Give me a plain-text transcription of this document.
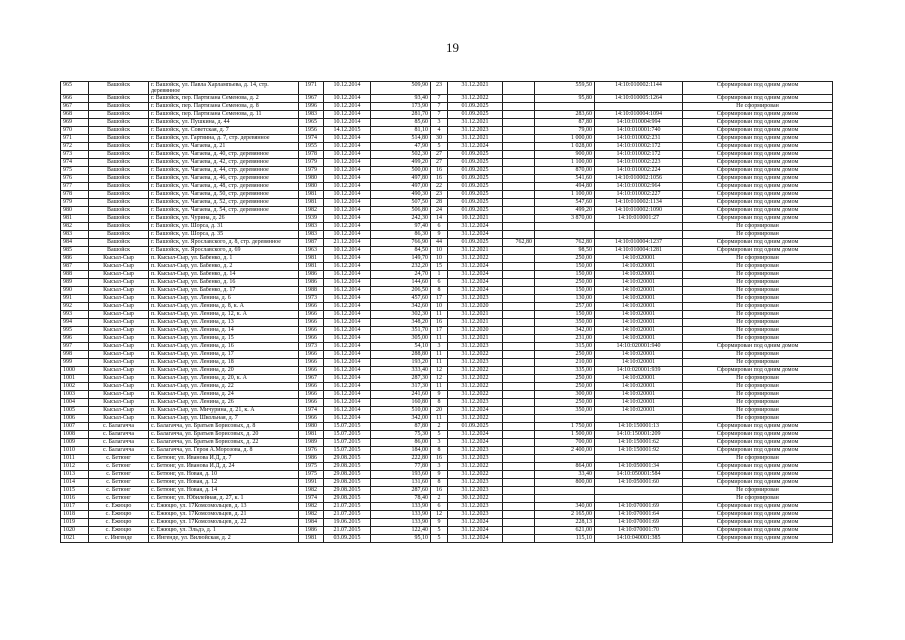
19
965	Вашойск	г. Вашойск, ул. Павла Харлампьева, д. 14, стр. деревянное	1971	10.12.2014	509,90	23	31.12.2021		559,50	14:10:010002:1144	Сформирован под одним домом
966	Вашойск	г. Вашойск, пер. Партизана Семенова, д. 2	1967	10.12.2014	93,40	7	31.12.2022		95,80	14:10:010005:1264	Сформирован под одним домом
967	Вашойск	г. Вашойск, пер. Партизана Семенова, д. 8	1996	10.12.2014	173,90	7	01.09.2025				Не сформирован
968	Вашойск	г. Вашойск, пер. Партизана Семенова, д. 11	1983	10.12.2014	281,70	7	01.09.2025		283,60	14:10:010004:1094	Сформирован под одним домом
969	Вашойск	г. Вашойск, ул. Пушкина, д. 44	1965	10.12.2014	85,60	3	31.12.2021		87,80	14:10:010004:994	Сформирован под одним домом
970	Вашойск	г. Вашойск, ул. Советская, д. 7	1956	14.12.2015	81,10	4	31.12.2023		79,00	14:10:010001:740	Сформирован под одним домом
971	Вашойск	г. Вашойск, ул. Гартвина, д. 7, стр. деревянное	1974	10.12.2014	514,80	30	31.12.2021		1 000,00	14:10:010002:231	Сформирован под одним домом
972	Вашойск	г. Вашойск, ул. Чагаева, д. 21	1955	10.12.2014	47,90	5	31.12.2024		1 028,00	14:10:010002:172	Сформирован под одним домом
973	Вашойск	г. Вашойск, ул. Чагаева, д. 40, стр. деревянное	1978	10.12.2014	502,30	27	01.09.2025		900,00	14:10:010002:172	Сформирован под одним домом
974	Вашойск	г. Вашойск, ул. Чагаева, д. 42, стр. деревянное	1979	10.12.2014	499,20	27	01.09.2025		1 100,00	14:10:010002:223	Сформирован под одним домом
975	Вашойск	г. Вашойск, ул. Чагаева, д. 44, стр. деревянное	1979	10.12.2014	500,00	16	01.09.2025		870,00	14:10:010002:224	Сформирован под одним домом
976	Вашойск	г. Вашойск, ул. Чагаева, д. 46, стр. деревянное	1980	10.12.2014	497,80	16	01.09.2025		541,60	14:10:010002:1056	Сформирован под одним домом
977	Вашойск	г. Вашойск, ул. Чагаева, д. 48, стр. деревянное	1980	10.12.2014	497,00	22	01.09.2025		494,80	14:10:010002:964	Сформирован под одним домом
978	Вашойск	г. Вашойск, ул. Чагаева, д. 50, стр. деревянное	1981	10.12.2014	490,30	23	01.09.2025		1 100,00	14:10:010002:227	Сформирован под одним домом
979	Вашойск	г. Вашойск, ул. Чагаева, д. 52, стр. деревянное	1981	10.12.2014	507,50	28	01.09.2025		547,60	14:10:010002:1134	Сформирован под одним домом
980	Вашойск	г. Вашойск, ул. Чагаева, д. 54, стр. деревянное	1982	10.12.2014	506,80	24	01.09.2025		499,20	14:10:010002:1090	Сформирован под одним домом
981	Вашойск	г. Вашойск, ул. Чурина, д. 26	1939	10.12.2014	242,30	14	10.12.2021		3 870,00	14:10:010001:27	Сформирован под одним домом
982	Вашойск	г. Вашойск, ул. Шорса, д. 31	1983	10.12.2014	97,40	6	31.12.2024				Не сформирован
983	Вашойск	г. Вашойск, ул. Шорса, д. 35	1983	10.12.2014	86,30	9	31.12.2024				Не сформирован
984	Вашойск	г. Вашойск, ул. Ярославского, д. 8, стр. деревянное	1987	21.12.2014	766,90	44	01.09.2025	762,80	762,80	14:10:010004:1237	Сформирован под одним домом
985	Вашойск	г. Вашойск, ул. Ярославского, д. 69	1963	10.12.2014	84,50	10	31.12.2021		98,50	14:10:010004:1281	Сформирован под одним домом
986	Кысыл-Сыр	п. Кысыл-Сыр, ул. Бабенко, д. 1	1981	16.12.2014	149,70	10	31.12.2022		250,00	14:10:020001	Не сформирован
987	Кысыл-Сыр	п. Кысыл-Сыр, ул. Бабенко, д. 2	1981	16.12.2014	232,20	15	31.12.2024		150,00	14:10:020001	Не сформирован
988	Кысыл-Сыр	п. Кысыл-Сыр, ул. Бабенко, д. 14	1986	16.12.2014	24,70	1	31.12.2024		150,00	14:10:020001	Не сформирован
989	Кысыл-Сыр	п. Кысыл-Сыр, ул. Бабенко, д. 16	1986	16.12.2014	144,60	6	31.12.2024		250,00	14:10:020001	Не сформирован
990	Кысыл-Сыр	п. Кысыл-Сыр, ул. Бабенко, д. 17	1988	16.12.2014	206,50	8	31.12.2024		150,00	14:10:020001	Не сформирован
991	Кысыл-Сыр	п. Кысыл-Сыр, ул. Ленина, д. 6	1973	16.12.2014	457,60	17	31.12.2023		130,00	14:10:020001	Не сформирован
992	Кысыл-Сыр	п. Кысыл-Сыр, ул. Ленина, д. 8, к. А	1966	16.12.2014	342,60	10	31.12.2020		257,00	14:10:020001	Не сформирован
993	Кысыл-Сыр	п. Кысыл-Сыр, ул. Ленина, д. 12, к. А	1966	16.12.2014	302,30	11	31.12.2021		150,00	14:10:020001	Не сформирован
994	Кысыл-Сыр	п. Кысыл-Сыр, ул. Ленина, д. 13	1966	16.12.2014	348,20	16	31.12.2021		350,00	14:10:020001	Не сформирован
995	Кысыл-Сыр	п. Кысыл-Сыр, ул. Ленина, д. 14	1966	16.12.2014	351,70	17	31.12.2020		342,00	14:10:020001	Не сформирован
996	Кысыл-Сыр	п. Кысыл-Сыр, ул. Ленина, д. 15	1966	16.12.2014	305,00	11	31.12.2021		231,00	14:10:020001	Не сформирован
997	Кысыл-Сыр	п. Кысыл-Сыр, ул. Ленина, д. 16	1973	16.12.2014	54,10	3	31.12.2023		315,00	14:10:020001:940	Сформирован под одним домом
998	Кысыл-Сыр	п. Кысыл-Сыр, ул. Ленина, д. 17	1966	16.12.2014	288,80	11	31.12.2022		250,00	14:10:020001	Не сформирован
999	Кысыл-Сыр	п. Кысыл-Сыр, ул. Ленина, д. 18	1966	16.12.2014	193,20	11	31.12.2023		210,00	14:10:020001	Не сформирован
1000	Кысыл-Сыр	п. Кысыл-Сыр, ул. Ленина, д. 20	1966	16.12.2014	333,40	12	31.12.2022		335,00	14:10:020001:939	Сформирован под одним домом
1001	Кысыл-Сыр	п. Кысыл-Сыр, ул. Ленина, д. 20, к. А	1967	16.12.2014	287,30	12	31.12.2022		250,00	14:10:020001	Не сформирован
1002	Кысыл-Сыр	п. Кысыл-Сыр, ул. Ленина, д. 22	1966	16.12.2014	317,30	11	31.12.2022		250,00	14:10:020001	Не сформирован
1003	Кысыл-Сыр	п. Кысыл-Сыр, ул. Ленина, д. 24	1966	16.12.2014	241,60	9	31.12.2022		300,00	14:10:020001	Не сформирован
1004	Кысыл-Сыр	п. Кысыл-Сыр, ул. Ленина, д. 26	1966	16.12.2014	160,80	8	31.12.2023		250,00	14:10:020001	Не сформирован
1005	Кысыл-Сыр	п. Кысыл-Сыр, ул. Мичурина, д. 21, к. А	1974	16.12.2014	510,00	20	31.12.2024		350,00	14:10:020001	Не сформирован
1006	Кысыл-Сыр	п. Кысыл-Сыр, ул. Школьная, д. 7	1966	16.12.2014	342,00	11	31.12.2022				Не сформирован
1007	с. Балагачча	с. Балагачча, ул. Братьев Борисовых, д. 8	1980	15.07.2015	87,80	2	01.09.2025		1 750,00	14:10:150001:13	Сформирован под одним домом
1008	с. Балагачча	с. Балагачча, ул. Братьев Борисовых, д. 20	1981	15.07.2015	75,30	5	31.12.2024		1 500,00	14:10:150001:209	Сформирован под одним домом
1009	с. Балагачча	с. Балагачча, ул. Братьев Борисовых, д. 22	1989	15.07.2015	86,00	3	31.12.2024		700,00	14:10:150001:62	Сформирован под одним домом
1010	с. Балагачча	с. Балагачча, ул. Героя А.Морозова, д. 8	1976	15.07.2015	184,00	8	31.12.2023		2 400,00	14:10:150001:92	Сформирован под одним домом
1011	с. Бетюнг	с. Бетюнг, ул. Иванова И.Д, д. 7	1986	29.08.2015	222,80	16	31.12.2023				Не сформирован
1012	с. Бетюнг	с. Бетюнг, ул. Иванова И.Д, д. 24	1975	29.08.2015	77,80	3	31.12.2022		864,00	14:10:050001:34	Сформирован под одним домом
1013	с. Бетюнг	с. Бетюнг, ул. Новая, д. 10	1975	29.08.2015	193,60	9	31.12.2022		33,40	14:10:050001:584	Сформирован под одним домом
1014	с. Бетюнг	с. Бетюнг, ул. Новая, д. 12	1991	29.08.2015	131,60	8	31.12.2023		800,00	14:10:050001:60	Сформирован под одним домом
1015	с. Бетюнг	с. Бетюнг, ул. Новая, д. 14	1982	29.08.2015	287,60	16	31.12.2023				Не сформирован
1016	с. Бетюнг	с. Бетюнг, ул. Юбилейная, д. 27, к. 1	1974	29.08.2015	78,40	2	30.12.2022				Не сформирован
1017	с. Ежюцю	с. Ежюцю, ул. 17Комсомольцев, д. 13	1982	21.07.2015	133,90	6	31.12.2023		340,00	14:10:070001:69	Сформирован под одним домом
1018	с. Ежюцю	с. Ежюцю, ул. 17Комсомольцев, д. 21	1982	21.07.2015	133,90	12	31.12.2023		2 165,00	14:10:070001:64	Сформирован под одним домом
1019	с. Ежюцю	с. Ежюцю, ул. 17Комсомольцев, д. 22	1984	19.06.2015	133,90	9	31.12.2024		228,13	14:10:070001:69	Сформирован под одним домом
1020	с. Ежюцю	с. Ежюцю, ул. Эльдэ, д. 1	1986	21.07.2015	122,40	5	31.12.2024		621,00	14:10:070001:70	Сформирован под одним домом
1021	с. Ингенде	с. Ингенде, ул. Вилюйская, д. 2	1981	03.09.2015	95,10	5	31.12.2024		115,10	14:10:040001:385	Сформирован под одним домом
